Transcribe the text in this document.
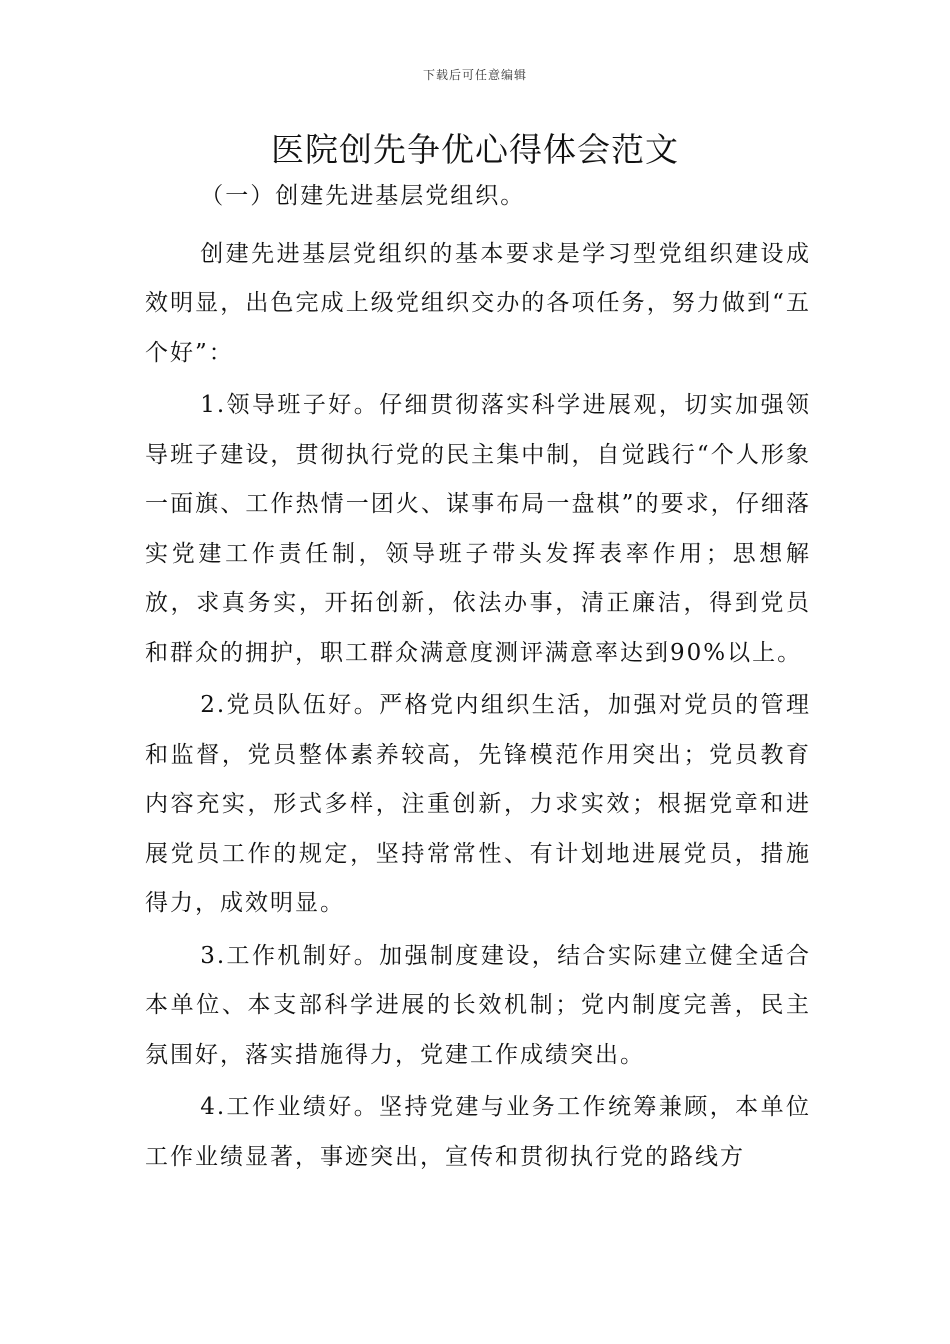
下载后可任意编辑
医院创先争优心得体会范文

（一）创建先进基层党组织。

创建先进基层党组织的基本要求是学习型党组织建设成效明显，出色完成上级党组织交办的各项任务，努力做到“五个好”：

1.领导班子好。仔细贯彻落实科学进展观，切实加强领导班子建设，贯彻执行党的民主集中制，自觉践行“个人形象一面旗、工作热情一团火、谋事布局一盘棋”的要求，仔细落实党建工作责任制，领导班子带头发挥表率作用；思想解放，求真务实，开拓创新，依法办事，清正廉洁，得到党员和群众的拥护，职工群众满意度测评满意率达到90%以上。

2.党员队伍好。严格党内组织生活，加强对党员的管理和监督，党员整体素养较高，先锋模范作用突出；党员教育内容充实，形式多样，注重创新，力求实效；根据党章和进展党员工作的规定，坚持常常性、有计划地进展党员，措施得力，成效明显。

3.工作机制好。加强制度建设，结合实际建立健全适合本单位、本支部科学进展的长效机制；党内制度完善，民主氛围好，落实措施得力，党建工作成绩突出。

4.工作业绩好。坚持党建与业务工作统筹兼顾，本单位工作业绩显著，事迹突出，宣传和贯彻执行党的路线方
